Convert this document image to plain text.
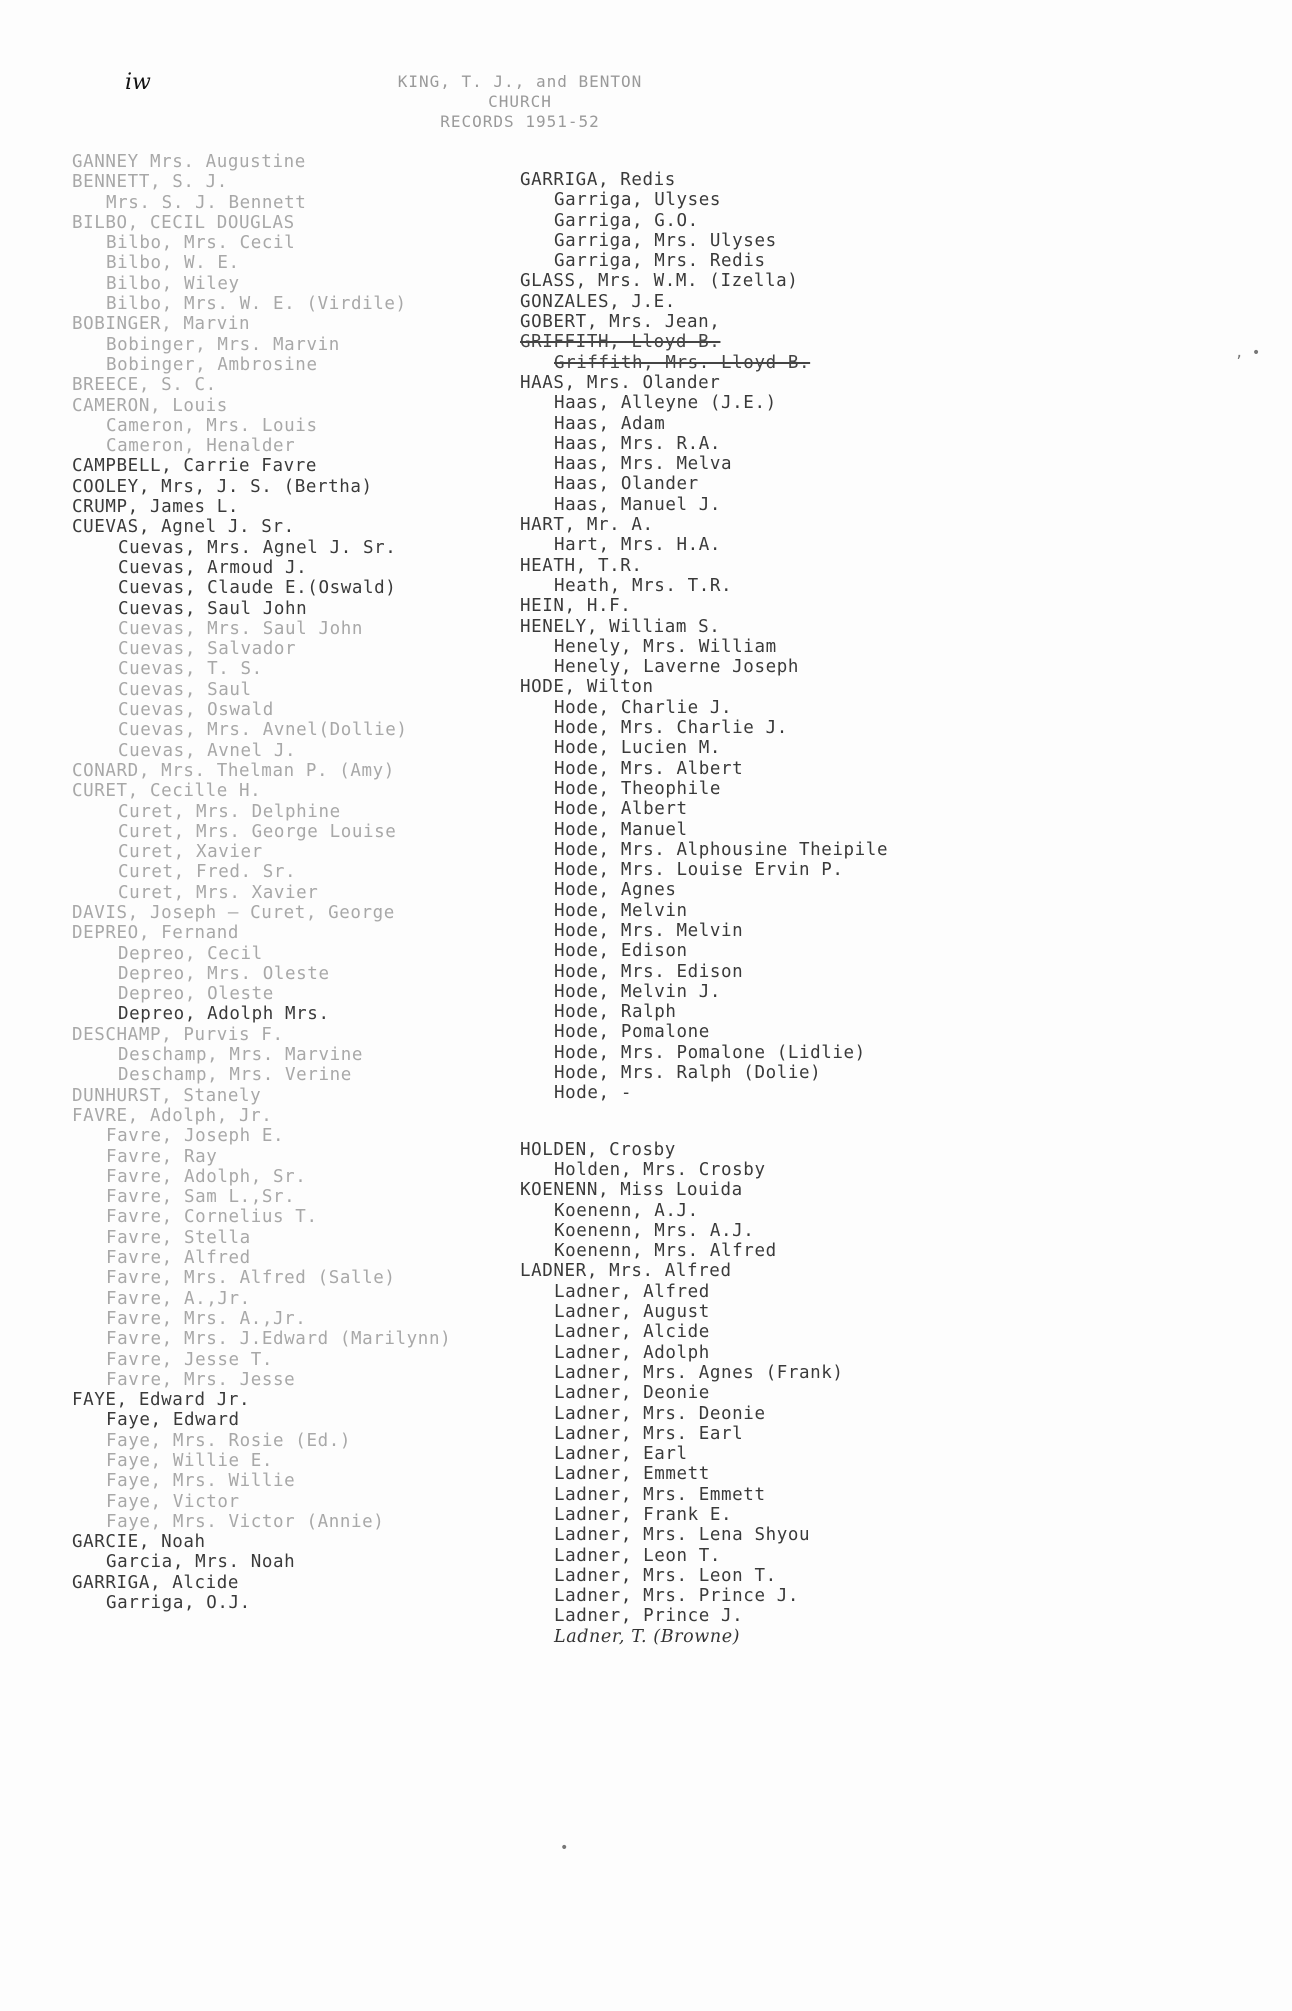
iw	KING, T. J., and BENTON
CHURCH
RECORDS 1951-52
GANNEY Mrs. Augustine
BENNETT, S. J.
Mrs. S. J. Bennett
BILBO, CECIL DOUGLAS
Bilbo, Mrs. Cecil
Bilbo, W. E.
Bilbo, Wiley
Bilbo, Mrs. W. E. (Virdile)
BOBINGER, Marvin
Bobinger, Mrs. Marvin
Bobinger, Ambrosine
BREECE, S. C.
CAMERON, Louis
Cameron, Mrs. Louis
Cameron, Henalder
CAMPBELL, Carrie Favre
COOLEY, Mrs, J. S. (Bertha)
CRUMP, James L.
CUEVAS, Agnel J. Sr.
Cuevas, Mrs. Agnel J. Sr.
Cuevas, Armoud J.
Cuevas, Claude E.(Oswald)
Cuevas, Saul John
Cuevas, Mrs. Saul John
Cuevas, Salvador
Cuevas, T. S.
Cuevas, Saul
Cuevas, Oswald
Cuevas, Mrs. Avnel(Dollie)
Cuevas, Avnel J.
CONARD, Mrs. Thelman P. (Amy)
CURET, Cecille H.
Curet, Mrs. Delphine
Curet, Mrs. George Louise
Curet, Xavier
Curet, Fred. Sr.
Curet, Mrs. Xavier
DAVIS, Joseph — Curet, George
DEPREO, Fernand
Depreo, Cecil
Depreo, Mrs. Oleste
Depreo, Oleste
Depreo, Adolph Mrs.
DESCHAMP, Purvis F.
Deschamp, Mrs. Marvine
Deschamp, Mrs. Verine
DUNHURST, Stanely
FAVRE, Adolph, Jr.
Favre, Joseph E.
Favre, Ray
Favre, Adolph, Sr.
Favre, Sam L.,Sr.
Favre, Cornelius T.
Favre, Stella
Favre, Alfred
Favre, Mrs. Alfred (Salle)
Favre, A.,Jr.
Favre, Mrs. A.,Jr.
Favre, Mrs. J.Edward (Marilynn)
Favre, Jesse T.
Favre, Mrs. Jesse
FAYE, Edward Jr.
Faye, Edward
Faye, Mrs. Rosie (Ed.)
Faye, Willie E.
Faye, Mrs. Willie
Faye, Victor
Faye, Mrs. Victor (Annie)
GARCIE, Noah
Garcia, Mrs. Noah
GARRIGA, Alcide
Garriga, O.J.
GARRIGA, Redis
Garriga, Ulyses
Garriga, G.O.
Garriga, Mrs. Ulyses
Garriga, Mrs. Redis
GLASS, Mrs. W.M. (Izella)
GONZALES, J.E.
GOBERT, Mrs. Jean,
GRIFFITH, Lloyd B.
Griffith, Mrs. Lloyd B.
HAAS, Mrs. Olander
Haas, Alleyne (J.E.)
Haas, Adam
Haas, Mrs. R.A.
Haas, Mrs. Melva
Haas, Olander
Haas, Manuel J.
HART, Mr. A.
Hart, Mrs. H.A.
HEATH, T.R.
Heath, Mrs. T.R.
HEIN, H.F.
HENELY, William S.
Henely, Mrs. William
Henely, Laverne Joseph
HODE, Wilton
Hode, Charlie J.
Hode, Mrs. Charlie J.
Hode, Lucien M.
Hode, Mrs. Albert
Hode, Theophile
Hode, Albert
Hode, Manuel
Hode, Mrs. Alphousine Theipile
Hode, Mrs. Louise Ervin P.
Hode, Agnes
Hode, Melvin
Hode, Mrs. Melvin
Hode, Edison
Hode, Mrs. Edison
Hode, Melvin J.
Hode, Ralph
Hode, Pomalone
Hode, Mrs. Pomalone (Lidlie)
Hode, Mrs. Ralph (Dolie)
Hode, -
HOLDEN, Crosby
Holden, Mrs. Crosby
KOENENN, Miss Louida
Koenenn, A.J.
Koenenn, Mrs. A.J.
Koenenn, Mrs. Alfred
LADNER, Mrs. Alfred
Ladner, Alfred
Ladner, August
Ladner, Alcide
Ladner, Adolph
Ladner, Mrs. Agnes (Frank)
Ladner, Deonie
Ladner, Mrs. Deonie
Ladner, Mrs. Earl
Ladner, Earl
Ladner, Emmett
Ladner, Mrs. Emmett
Ladner, Frank E.
Ladner, Mrs. Lena Shyou
Ladner, Leon T.
Ladner, Mrs. Leon T.
Ladner, Mrs. Prince J.
Ladner, Prince J.
Ladner, T. (Browne)
•
, •
